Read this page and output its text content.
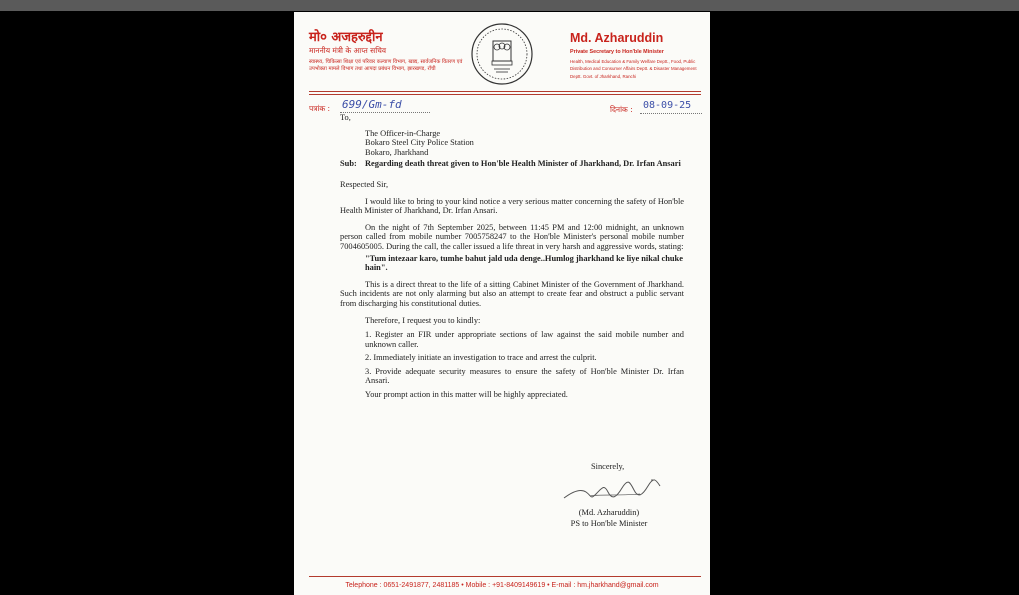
मो० अजहरुद्दीन

माननीय मंत्री के आप्त सचिव

स्वास्थ्य, चिकित्सा शिक्षा एवं परिवार कल्याण विभाग, खाद्य, सार्वजनिक वितरण एवं उपभोक्ता मामले विभाग तथा आपदा प्रबंधन विभाग, झारखण्ड, राँची

Md. Azharuddin

Private Secretary to Hon'ble Minister

Health, Medical Education & Family Welfare Deptt., Food, Public Distribution and Consumer Affairs Deptt. & Disaster Management Deptt. Govt. of Jharkhand, Ranchi

पत्रांक : 699/Gm-fd	दिनांक : 08-09-25

To,

The Officer-in-Charge
Bokaro Steel City Police Station
Bokaro, Jharkhand

Sub: Regarding death threat given to Hon'ble Health Minister of Jharkhand, Dr. Irfan Ansari

Respected Sir,

I would like to bring to your kind notice a very serious matter concerning the safety of Hon'ble Health Minister of Jharkhand, Dr. Irfan Ansari.

On the night of 7th September 2025, between 11:45 PM and 12:00 midnight, an unknown person called from mobile number 7005758247 to the Hon'ble Minister's personal mobile number 7004605005. During the call, the caller issued a life threat in very harsh and aggressive words, stating:

"Tum intezaar karo, tumhe bahut jald uda denge..Humlog jharkhand ke liye nikal chuke hain".

This is a direct threat to the life of a sitting Cabinet Minister of the Government of Jharkhand. Such incidents are not only alarming but also an attempt to create fear and obstruct a public servant from discharging his constitutional duties.

Therefore, I request you to kindly:

1. Register an FIR under appropriate sections of law against the said mobile number and unknown caller.

2. Immediately initiate an investigation to trace and arrest the culprit.

3. Provide adequate security measures to ensure the safety of Hon'ble Minister Dr. Irfan Ansari.

Your prompt action in this matter will be highly appreciated.

Sincerely,
(Md. Azharuddin)
PS to Hon'ble Minister
Telephone : 0651-2491877, 2481185 • Mobile : +91-8409149619 • E-mail : hm.jharkhand@gmail.com
